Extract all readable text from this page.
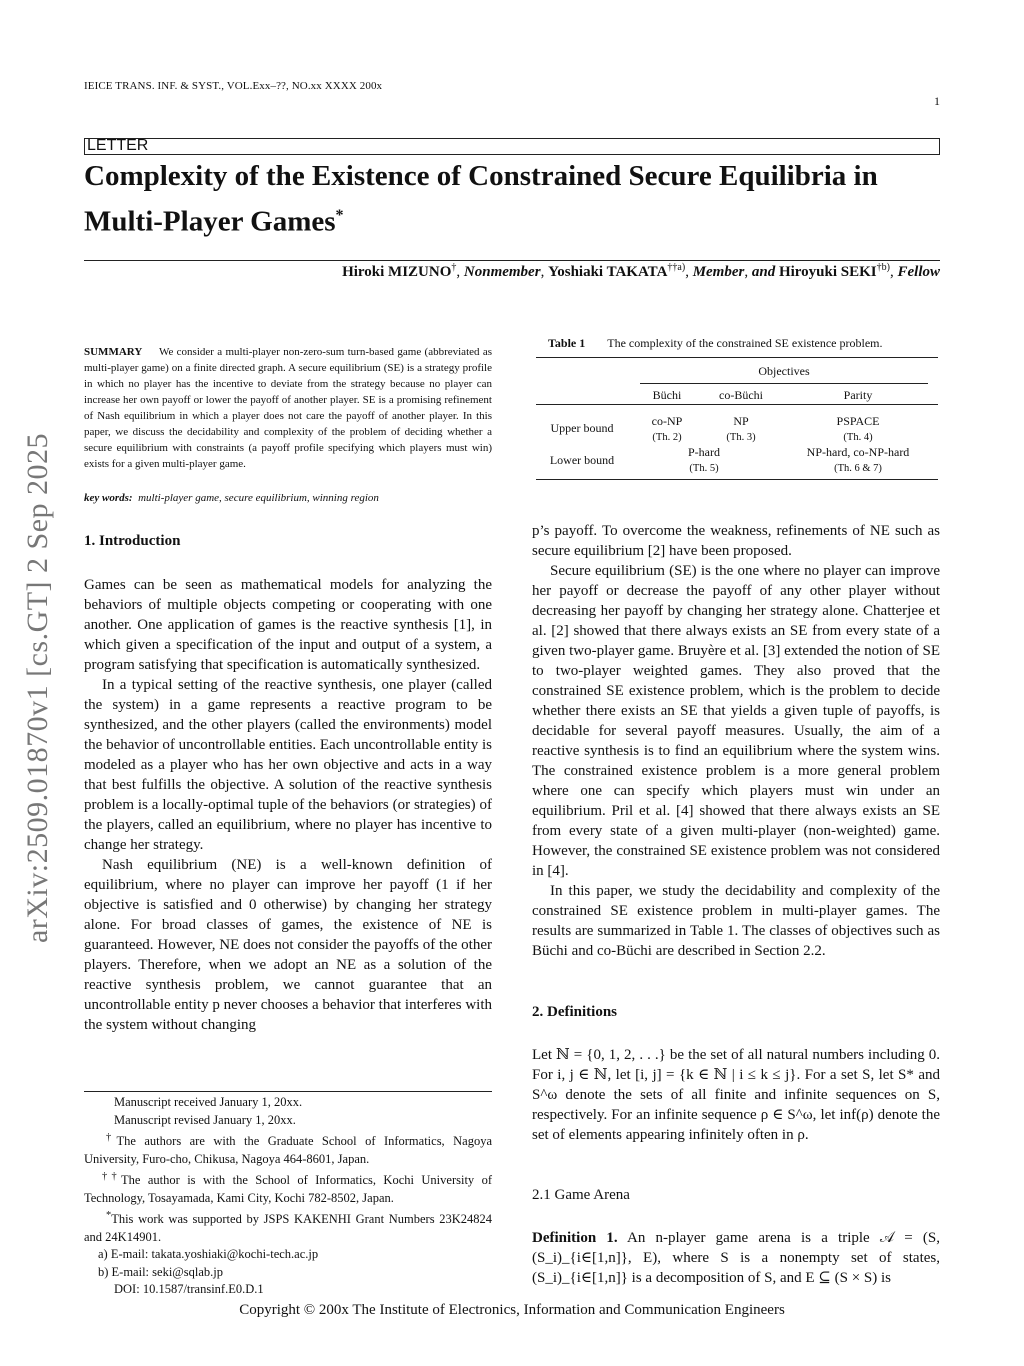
IEICE TRANS. INF. & SYST., VOL.Exx–??, NO.xx XXXX 200x
1
LETTER
Complexity of the Existence of Constrained Secure Equilibria in
Multi-Player Games*
Hiroki MIZUNO†, Nonmember, Yoshiaki TAKATA$^{\dagger\dagger a)}$, Member, and Hiroyuki SEKI$^{\dagger b)}$, Fellow
arXiv:2509.01870v1 [cs.GT] 2 Sep 2025
SUMMARY We consider a multi-player non-zero-sum turn-based game (abbreviated as multi-player game) on a finite directed graph. A secure equilibrium (SE) is a strategy profile in which no player has the incentive to deviate from the strategy because no player can increase her own payoff or lower the payoff of another player. SE is a promising refinement of Nash equilibrium in which a player does not care the payoff of another player. In this paper, we discuss the decidability and complexity of the problem of deciding whether a secure equilibrium with constraints (a payoff profile specifying which players must win) exists for a given multi-player game.
key words: multi-player game, secure equilibrium, winning region
1. Introduction

Games can be seen as mathematical models for analyzing the behaviors of multiple objects competing or cooperating with one another. One application of games is the reactive synthesis [1], in which given a specification of the input and output of a system, a program satisfying that specification is automatically synthesized.

In a typical setting of the reactive synthesis, one player (called the system) in a game represents a reactive program to be synthesized, and the other players (called the environments) model the behavior of uncontrollable entities. Each uncontrollable entity is modeled as a player who has her own objective and acts in a way that best fulfills the objective. A solution of the reactive synthesis problem is a locally-optimal tuple of the behaviors (or strategies) of the players, called an equilibrium, where no player has incentive to change her strategy.

Nash equilibrium (NE) is a well-known definition of equilibrium, where no player can improve her payoff (1 if her objective is satisfied and 0 otherwise) by changing her strategy alone. For broad classes of games, the existence of NE is guaranteed. However, NE does not consider the payoffs of the other players. Therefore, when we adopt an NE as a solution of the reactive synthesis problem, we cannot guarantee that an uncontrollable entity p never chooses a behavior that interferes with the system without changing

Manuscript received January 1, 20xx.
Manuscript revised January 1, 20xx.
†The authors are with the Graduate School of Informatics, Nagoya University, Furo-cho, Chikusa, Nagoya 464-8601, Japan.
††The author is with the School of Informatics, Kochi University of Technology, Tosayamada, Kami City, Kochi 782-8502, Japan.
*This work was supported by JSPS KAKENHI Grant Numbers 23K24824 and 24K14901.
a) E-mail: takata.yoshiaki@kochi-tech.ac.jp
b) E-mail: seki@sqlab.jp
DOI: 10.1587/transinf.E0.D.1
Table 1 The complexity of the constrained SE existence problem.
Objectives
Büchi	co-Büchi	Parity
Upper bound
Lower bound
co-NP
(Th. 2)
NP
(Th. 3)
PSPACE
(Th. 4)
P-hard
(Th. 5)
NP-hard, co-NP-hard
(Th. 6 & 7)

p’s payoff. To overcome the weakness, refinements of NE such as secure equilibrium [2] have been proposed.

Secure equilibrium (SE) is the one where no player can improve her payoff or decrease the payoff of any other player without decreasing her payoff by changing her strategy alone. Chatterjee et al. [2] showed that there always exists an SE from every state of a given two-player game. Bruyère et al. [3] extended the notion of SE to two-player weighted games. They also proved that the constrained SE existence problem, which is the problem to decide whether there exists an SE that yields a given tuple of payoffs, is decidable for several payoff measures. Usually, the aim of a reactive synthesis is to find an equilibrium where the system wins. The constrained existence problem is a more general problem where one can specify which players must win under an equilibrium. Pril et al. [4] showed that there always exists an SE from every state of a given multi-player (non-weighted) game. However, the constrained SE existence problem was not considered in [4].

In this paper, we study the decidability and complexity of the constrained SE existence problem in multi-player games. The results are summarized in Table 1. The classes of objectives such as Büchi and co-Büchi are described in Section 2.2.

2. Definitions

Let ℕ = {0, 1, 2, . . .} be the set of all natural numbers including 0. For i, j ∈ ℕ, let [i, j] = {k ∈ ℕ | i ≤ k ≤ j}. For a set S, let S* and S^ω denote the sets of all finite and infinite sequences on S, respectively. For an infinite sequence ρ ∈ S^ω, let inf(ρ) denote the set of elements appearing infinitely often in ρ.

2.1 Game Arena
Definition 1. An n-player game arena is a triple 𝒜 = (S, (S_i)_{i∈[1,n]}, E), where S is a nonempty set of states, (S_i)_{i∈[1,n]} is a decomposition of S, and E ⊆ (S × S) is
Copyright © 200x The Institute of Electronics, Information and Communication Engineers
